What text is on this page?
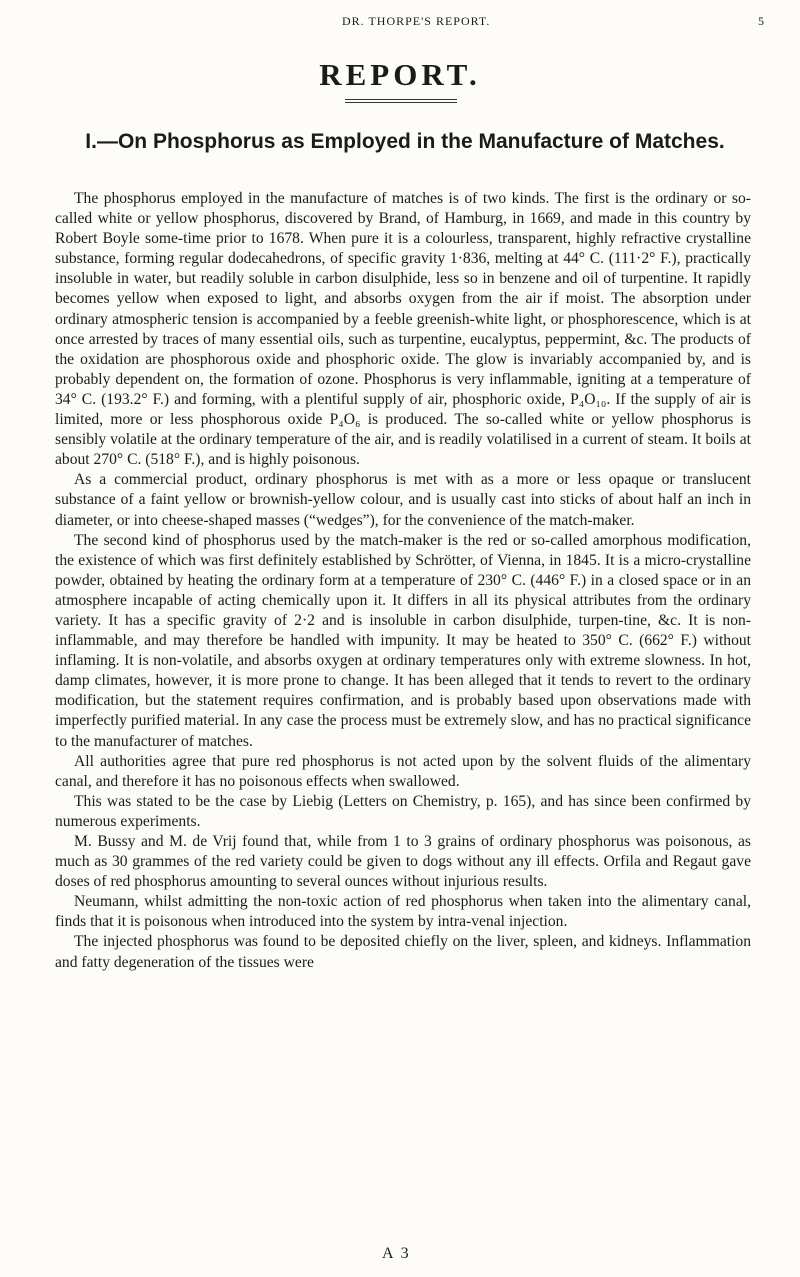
DR. THORPE'S REPORT.	5
REPORT.
I.—On Phosphorus as Employed in the Manufacture of Matches.

The phosphorus employed in the manufacture of matches is of two kinds. The first is the ordinary or so-called white or yellow phosphorus, discovered by Brand, of Hamburg, in 1669, and made in this country by Robert Boyle some-time prior to 1678. When pure it is a colourless, transparent, highly refractive crystalline substance, forming regular dodecahedrons, of specific gravity 1·836, melting at 44° C. (111·2° F.), practically insoluble in water, but readily soluble in carbon disulphide, less so in benzene and oil of turpentine. It rapidly becomes yellow when exposed to light, and absorbs oxygen from the air if moist. The absorption under ordinary atmospheric tension is accompanied by a feeble greenish-white light, or phosphorescence, which is at once arrested by traces of many essential oils, such as turpentine, eucalyptus, peppermint, &c. The products of the oxidation are phosphorous oxide and phosphoric oxide. The glow is invariably accompanied by, and is probably dependent on, the formation of ozone. Phosphorus is very inflammable, igniting at a temperature of 34° C. (193.2° F.) and forming, with a plentiful supply of air, phosphoric oxide, P₄O₁₀. If the supply of air is limited, more or less phosphorous oxide P₄O₆ is produced. The so-called white or yellow phosphorus is sensibly volatile at the ordinary temperature of the air, and is readily volatilised in a current of steam. It boils at about 270° C. (518° F.), and is highly poisonous.

As a commercial product, ordinary phosphorus is met with as a more or less opaque or translucent substance of a faint yellow or brownish-yellow colour, and is usually cast into sticks of about half an inch in diameter, or into cheese-shaped masses (“wedges”), for the convenience of the match-maker.

The second kind of phosphorus used by the match-maker is the red or so-called amorphous modification, the existence of which was first definitely established by Schrötter, of Vienna, in 1845. It is a micro-crystalline powder, obtained by heating the ordinary form at a temperature of 230° C. (446° F.) in a closed space or in an atmosphere incapable of acting chemically upon it. It differs in all its physical attributes from the ordinary variety. It has a specific gravity of 2·2 and is insoluble in carbon disulphide, turpen-tine, &c. It is non-inflammable, and may therefore be handled with impunity. It may be heated to 350° C. (662° F.) without inflaming. It is non-volatile, and absorbs oxygen at ordinary temperatures only with extreme slowness. In hot, damp climates, however, it is more prone to change. It has been alleged that it tends to revert to the ordinary modification, but the statement requires confirmation, and is probably based upon observations made with imperfectly purified material. In any case the process must be extremely slow, and has no practical significance to the manufacturer of matches.

All authorities agree that pure red phosphorus is not acted upon by the solvent fluids of the alimentary canal, and therefore it has no poisonous effects when swallowed.

This was stated to be the case by Liebig (Letters on Chemistry, p. 165), and has since been confirmed by numerous experiments.

M. Bussy and M. de Vrij found that, while from 1 to 3 grains of ordinary phosphorus was poisonous, as much as 30 grammes of the red variety could be given to dogs without any ill effects. Orfila and Regaut gave doses of red phosphorus amounting to several ounces without injurious results.

Neumann, whilst admitting the non-toxic action of red phosphorus when taken into the alimentary canal, finds that it is poisonous when introduced into the system by intra-venal injection.

The injected phosphorus was found to be deposited chiefly on the liver, spleen, and kidneys. Inflammation and fatty degeneration of the tissues were

A 3
